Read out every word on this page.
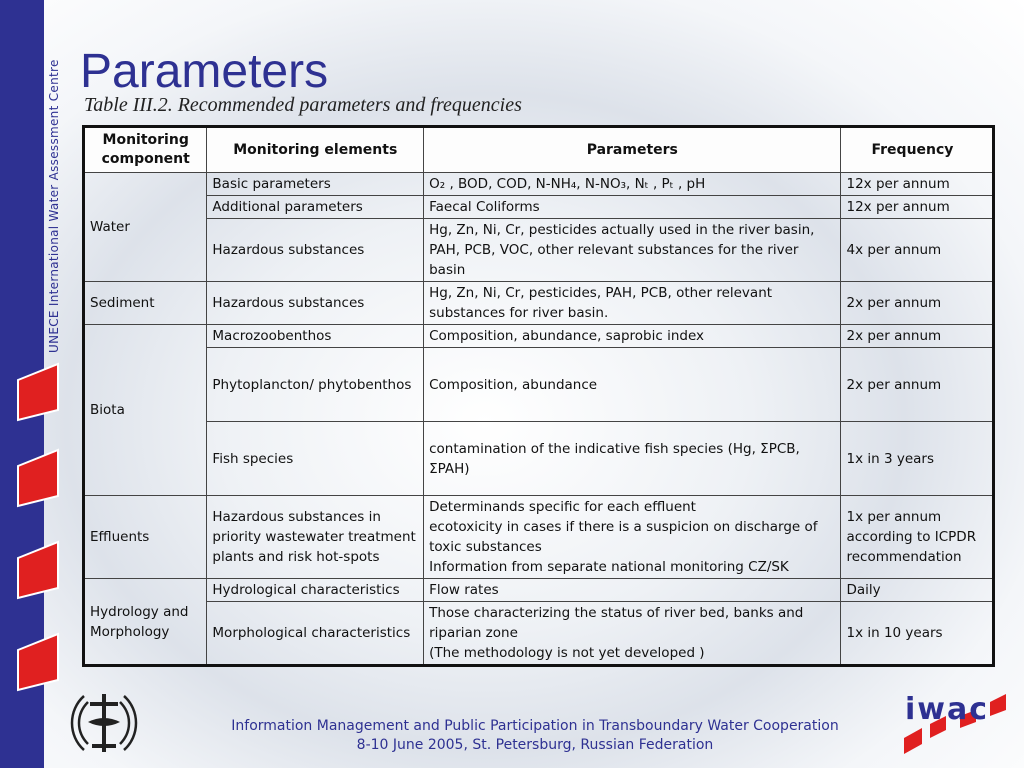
UNECE International Water Assessment Centre Parameters
Table III.2. Recommended parameters and frequencies
Monitoring component	Monitoring elements	Parameters	Frequency
Water	Basic parameters	O₂ , BOD, COD, N-NH₄, N-NO₃, Nₜ , Pₜ , pH	12x per annum
	Additional parameters	Faecal Coliforms	12x per annum
	Hazardous substances	Hg, Zn, Ni, Cr, pesticides actually used in the river basin, PAH, PCB, VOC, other relevant substances for the river basin	4x per annum
Sediment	Hazardous substances	Hg, Zn, Ni, Cr, pesticides, PAH, PCB, other relevant substances for river basin.	2x per annum
Biota	Macrozoobenthos	Composition, abundance, saprobic index	2x per annum
	Phytoplancton/ phytobenthos	Composition, abundance	2x per annum
	Fish species	contamination of the indicative fish species (Hg, ΣPCB, ΣPAH)	1x in 3 years
Effluents	Hazardous substances in priority wastewater treatment plants and risk hot-spots	Determinands specific for each effluent
ecotoxicity in cases if there is a suspicion on discharge of toxic substances
Information from separate national monitoring CZ/SK	1x per annum according to ICPDR recommendation
Hydrology and Morphology	Hydrological characteristics	Flow rates	Daily
	Morphological characteristics	Those characterizing the status of river bed, banks and riparian zone
(The methodology is not yet developed )	1x in 10 years
Information Management and Public Participation in Transboundary Water Cooperation
8-10 June 2005, St. Petersburg, Russian Federation
iwac
